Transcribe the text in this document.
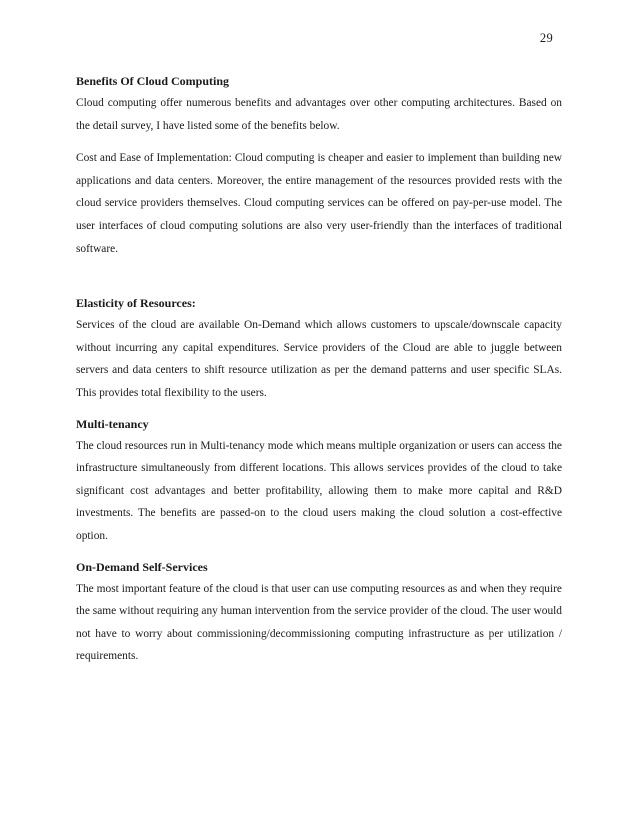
29
Benefits Of Cloud Computing

Cloud computing offer numerous benefits and advantages over other computing architectures. Based on the detail survey, I have listed some of the benefits below.

Cost and Ease of Implementation: Cloud computing is cheaper and easier to implement than building new applications and data centers. Moreover, the entire management of the resources provided rests with the cloud service providers themselves. Cloud computing services can be offered on pay-per-use model. The user interfaces of cloud computing solutions are also very user-friendly than the interfaces of traditional software.

Elasticity of Resources:

Services of the cloud are available On-Demand which allows customers to upscale/downscale capacity without incurring any capital expenditures. Service providers of the Cloud are able to juggle between servers and data centers to shift resource utilization as per the demand patterns and user specific SLAs. This provides total flexibility to the users.

Multi-tenancy

The cloud resources run in Multi-tenancy mode which means multiple organization or users can access the infrastructure simultaneously from different locations. This allows services provides of the cloud to take significant cost advantages and better profitability, allowing them to make more capital and R&D investments. The benefits are passed-on to the cloud users making the cloud solution a cost-effective option.

On-Demand Self-Services

The most important feature of the cloud is that user can use computing resources as and when they require the same without requiring any human intervention from the service provider of the cloud. The user would not have to worry about commissioning/decommissioning computing infrastructure as per utilization / requirements.
